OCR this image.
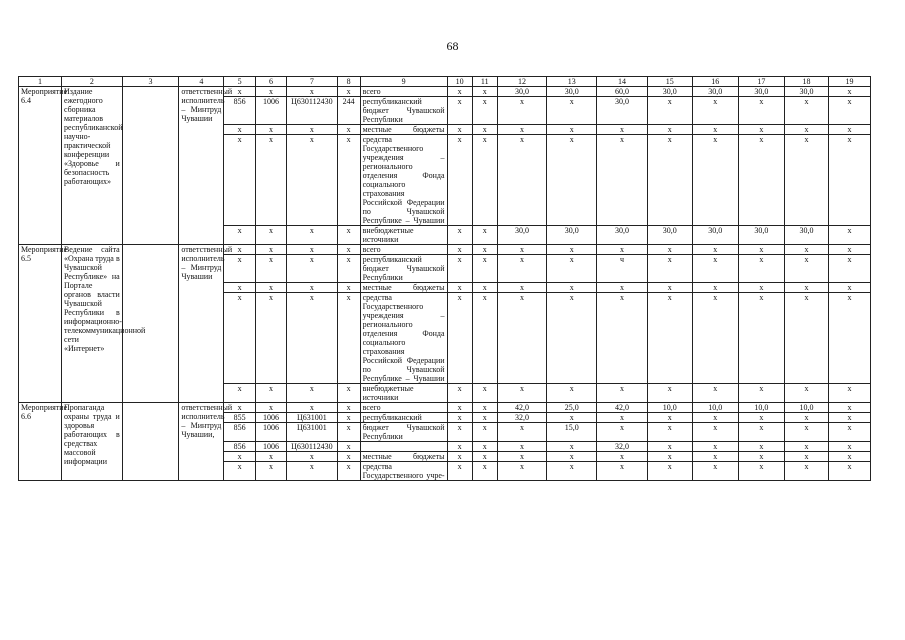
68
1	2	3	4	5	6	7	8	9	10	11	12	13	14	15	16	17	18	19
Мероприятие 6.4	Издание ежегодного сборника материалов республиканской научно-практической конференции «Здоровье и безопасность работающих»		ответственный исполнитель – Минтруд Чувашии	x	x	x	x	всего	x	x	30,0	30,0	60,0	30,0	30,0	30,0	30,0	x
				856	1006	Ц630112430	244	республиканский бюджет Чувашской Республики	x	x	x	x	30,0	x	x	x	x	x
				x	x	x	x	местные бюджеты	x	x	x	x	x	x	x	x	x	x
				x	x	x	x	средства Государственного учреждения – регионального отделения Фонда социального страхования Российской Федерации по Чувашской Республике – Чувашии	x	x	x	x	x	x	x	x	x	x
				x	x	x	x	внебюджетные источники	x	x	30,0	30,0	30,0	30,0	30,0	30,0	30,0	x
Мероприятие 6.5	Ведение сайта «Охрана труда в Чувашской Республике» на Портале органов власти Чувашской Республики в информационно-телекоммуникационной сети «Интернет»		ответственный исполнитель – Минтруд Чувашии	x	x	x	x	всего	x	x	x	x	x	x	x	x	x	x
				x	x	x	x	республиканский бюджет Чувашской Республики	x	x	x	x	ч	x	x	x	x	x
				x	x	x	x	местные бюджеты	x	x	x	x	x	x	x	x	x	x
				x	x	x	x	средства Государственного учреждения – регионального отделения Фонда социального страхования Российской Федерации по Чувашской Республике – Чувашии	x	x	x	x	x	x	x	x	x	x
				x	x	x	x	внебюджетные источники	x	x	x	x	x	x	x	x	x	x
Мероприятие 6.6	Пропаганда охраны труда и здоровья работающих в средствах массовой информации		ответственный исполнитель – Минтруд Чувашии,	x	x	x	x	всего	x	x	42,0	25,0	42,0	10,0	10,0	10,0	10,0	x
				855	1006	Ц631001	x	республиканский	x	x	32,0	x	x	x	x	x	x	x
				856	1006	Ц631001	x	бюджет Чувашской Республики	x	x	x	15,0	x	x	x	x	x	x
				856	1006	Ц630112430	x		x	x	x	x	32,0	x	x	x	x	x
				x	x	x	x	местные бюджеты	x	x	x	x	x	x	x	x	x	x
				x	x	x	x	средства Государственного учре-	x	x	x	x	x	x	x	x	x	x
